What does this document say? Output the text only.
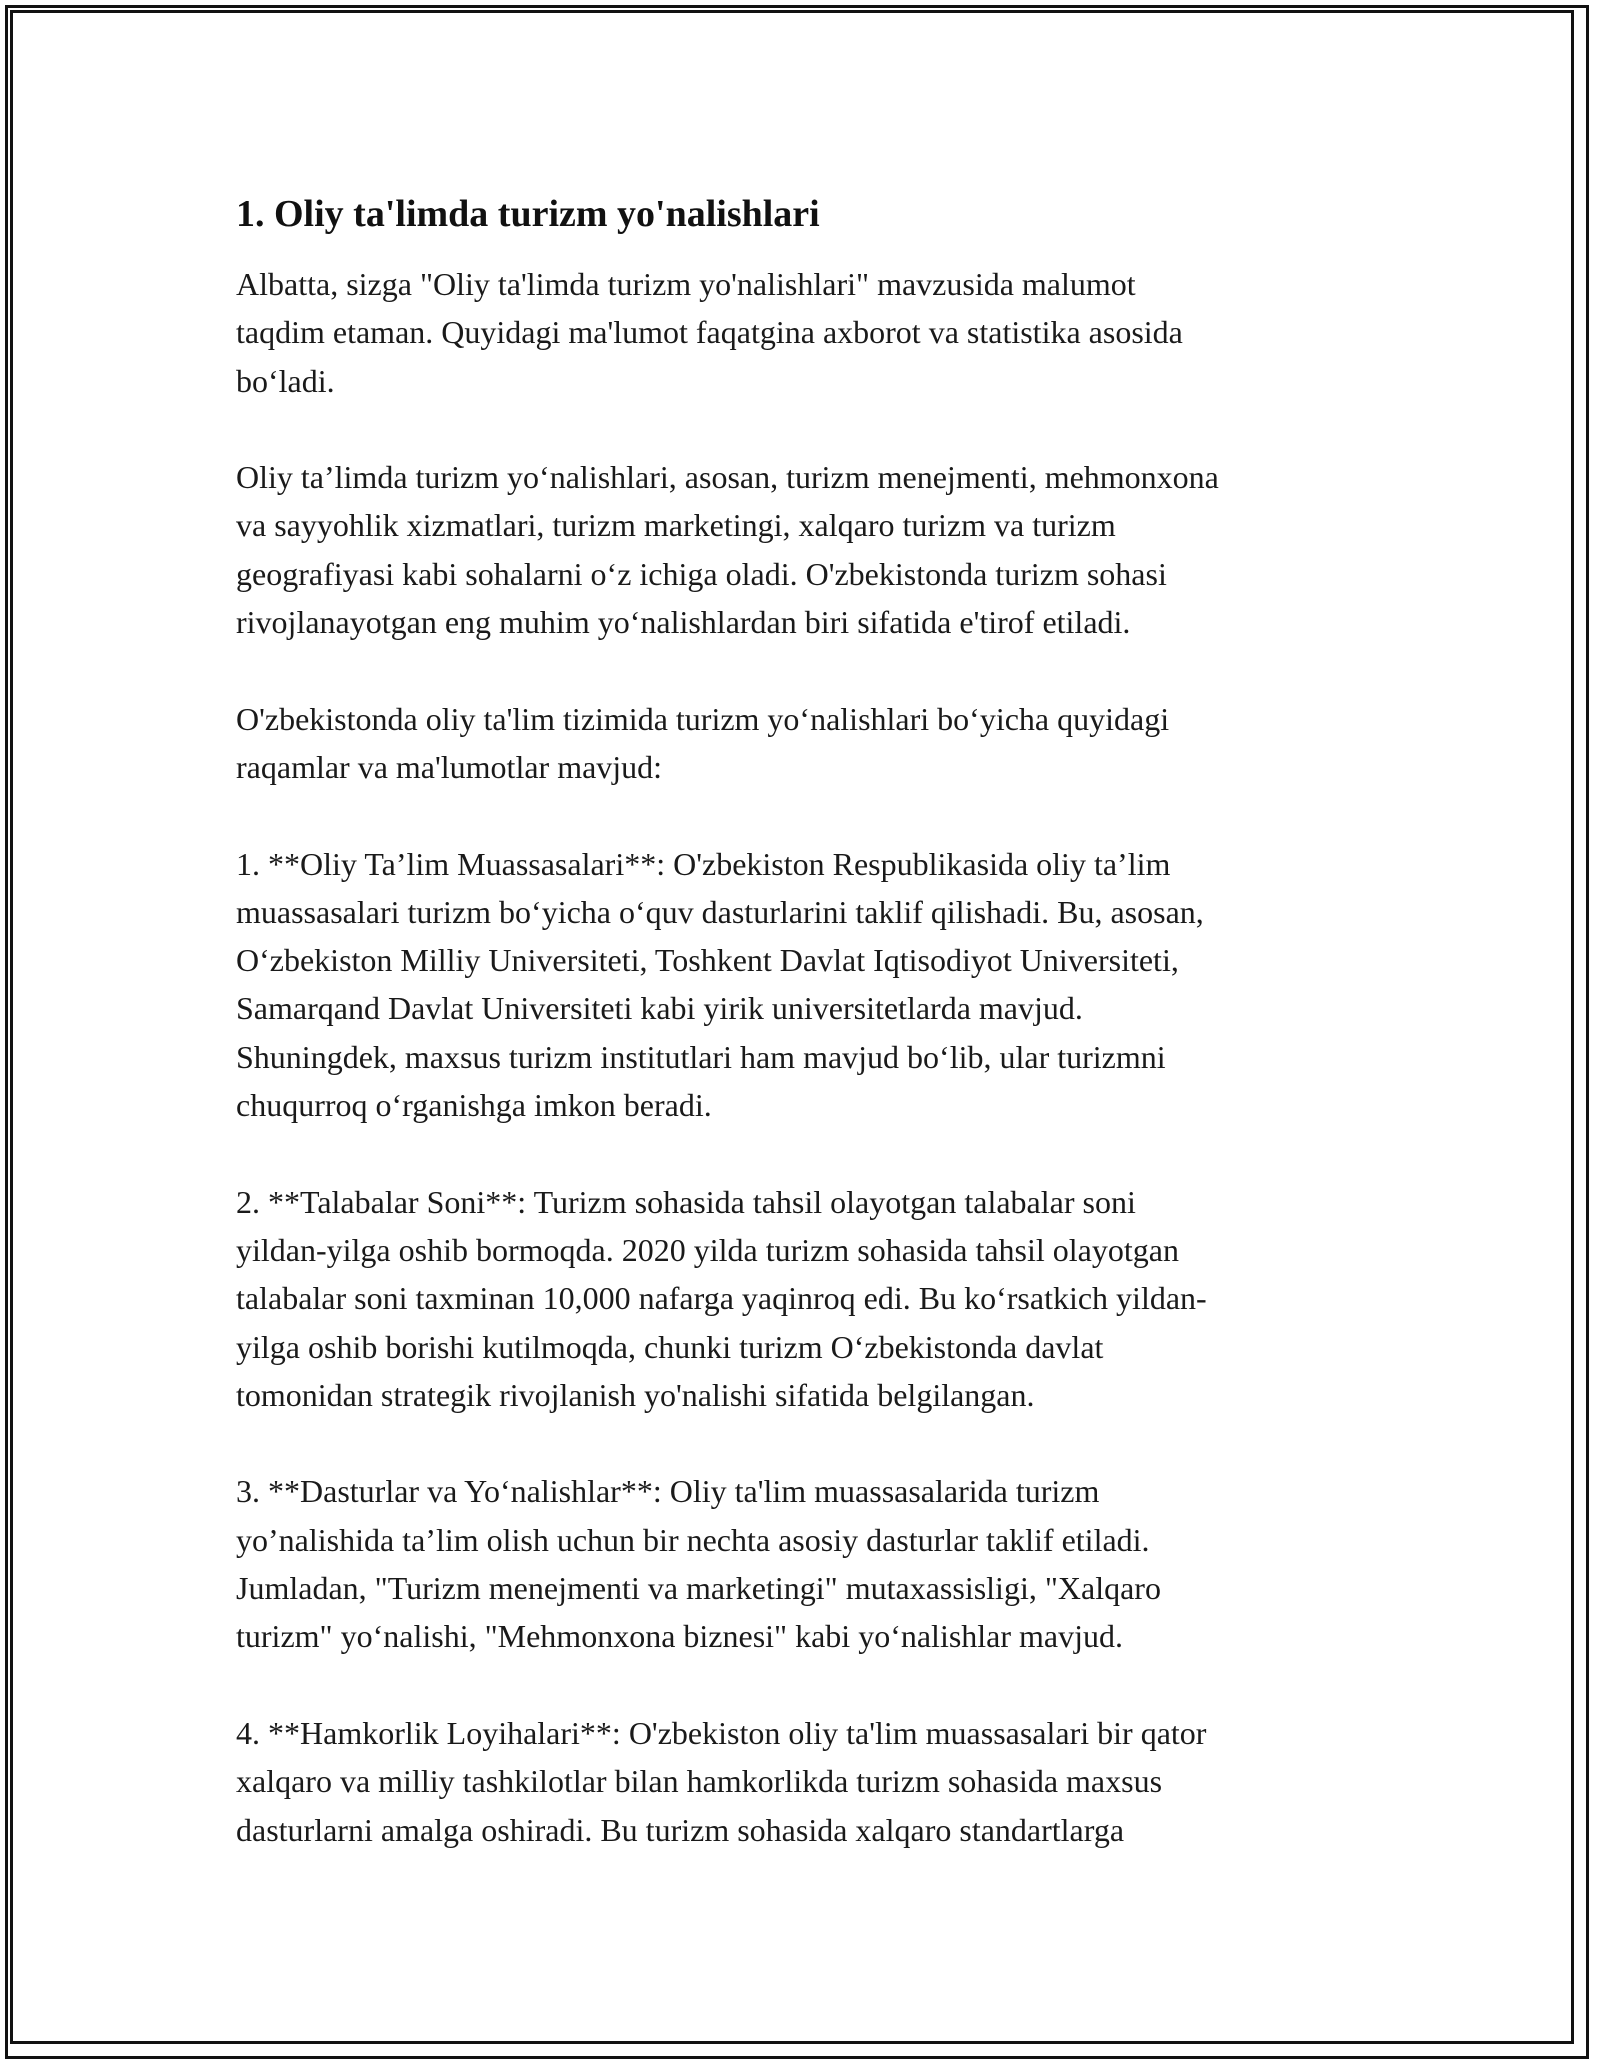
1. Oliy ta'limda turizm yo'nalishlari

Albatta, sizga "Oliy ta'limda turizm yo'nalishlari" mavzusida malumot
taqdim etaman. Quyidagi ma'lumot faqatgina axborot va statistika asosida
bo‘ladi.

Oliy ta’limda turizm yo‘nalishlari, asosan, turizm menejmenti, mehmonxona
va sayyohlik xizmatlari, turizm marketingi, xalqaro turizm va turizm
geografiyasi kabi sohalarni o‘z ichiga oladi. O'zbekistonda turizm sohasi
rivojlanayotgan eng muhim yo‘nalishlardan biri sifatida e'tirof etiladi.

O'zbekistonda oliy ta'lim tizimida turizm yo‘nalishlari bo‘yicha quyidagi
raqamlar va ma'lumotlar mavjud:

1. **Oliy Ta’lim Muassasalari**: O'zbekiston Respublikasida oliy ta’lim
muassasalari turizm bo‘yicha o‘quv dasturlarini taklif qilishadi. Bu, asosan,
O‘zbekiston Milliy Universiteti, Toshkent Davlat Iqtisodiyot Universiteti,
Samarqand Davlat Universiteti kabi yirik universitetlarda mavjud.
Shuningdek, maxsus turizm institutlari ham mavjud bo‘lib, ular turizmni
chuqurroq o‘rganishga imkon beradi.

2. **Talabalar Soni**: Turizm sohasida tahsil olayotgan talabalar soni
yildan-yilga oshib bormoqda. 2020 yilda turizm sohasida tahsil olayotgan
talabalar soni taxminan 10,000 nafarga yaqinroq edi. Bu ko‘rsatkich yildan-
yilga oshib borishi kutilmoqda, chunki turizm O‘zbekistonda davlat
tomonidan strategik rivojlanish yo'nalishi sifatida belgilangan.

3. **Dasturlar va Yo‘nalishlar**: Oliy ta'lim muassasalarida turizm
yo’nalishida ta’lim olish uchun bir nechta asosiy dasturlar taklif etiladi.
Jumladan, "Turizm menejmenti va marketingi" mutaxassisligi, "Xalqaro
turizm" yo‘nalishi, "Mehmonxona biznesi" kabi yo‘nalishlar mavjud.

4. **Hamkorlik Loyihalari**: O'zbekiston oliy ta'lim muassasalari bir qator
xalqaro va milliy tashkilotlar bilan hamkorlikda turizm sohasida maxsus
dasturlarni amalga oshiradi. Bu turizm sohasida xalqaro standartlarga
